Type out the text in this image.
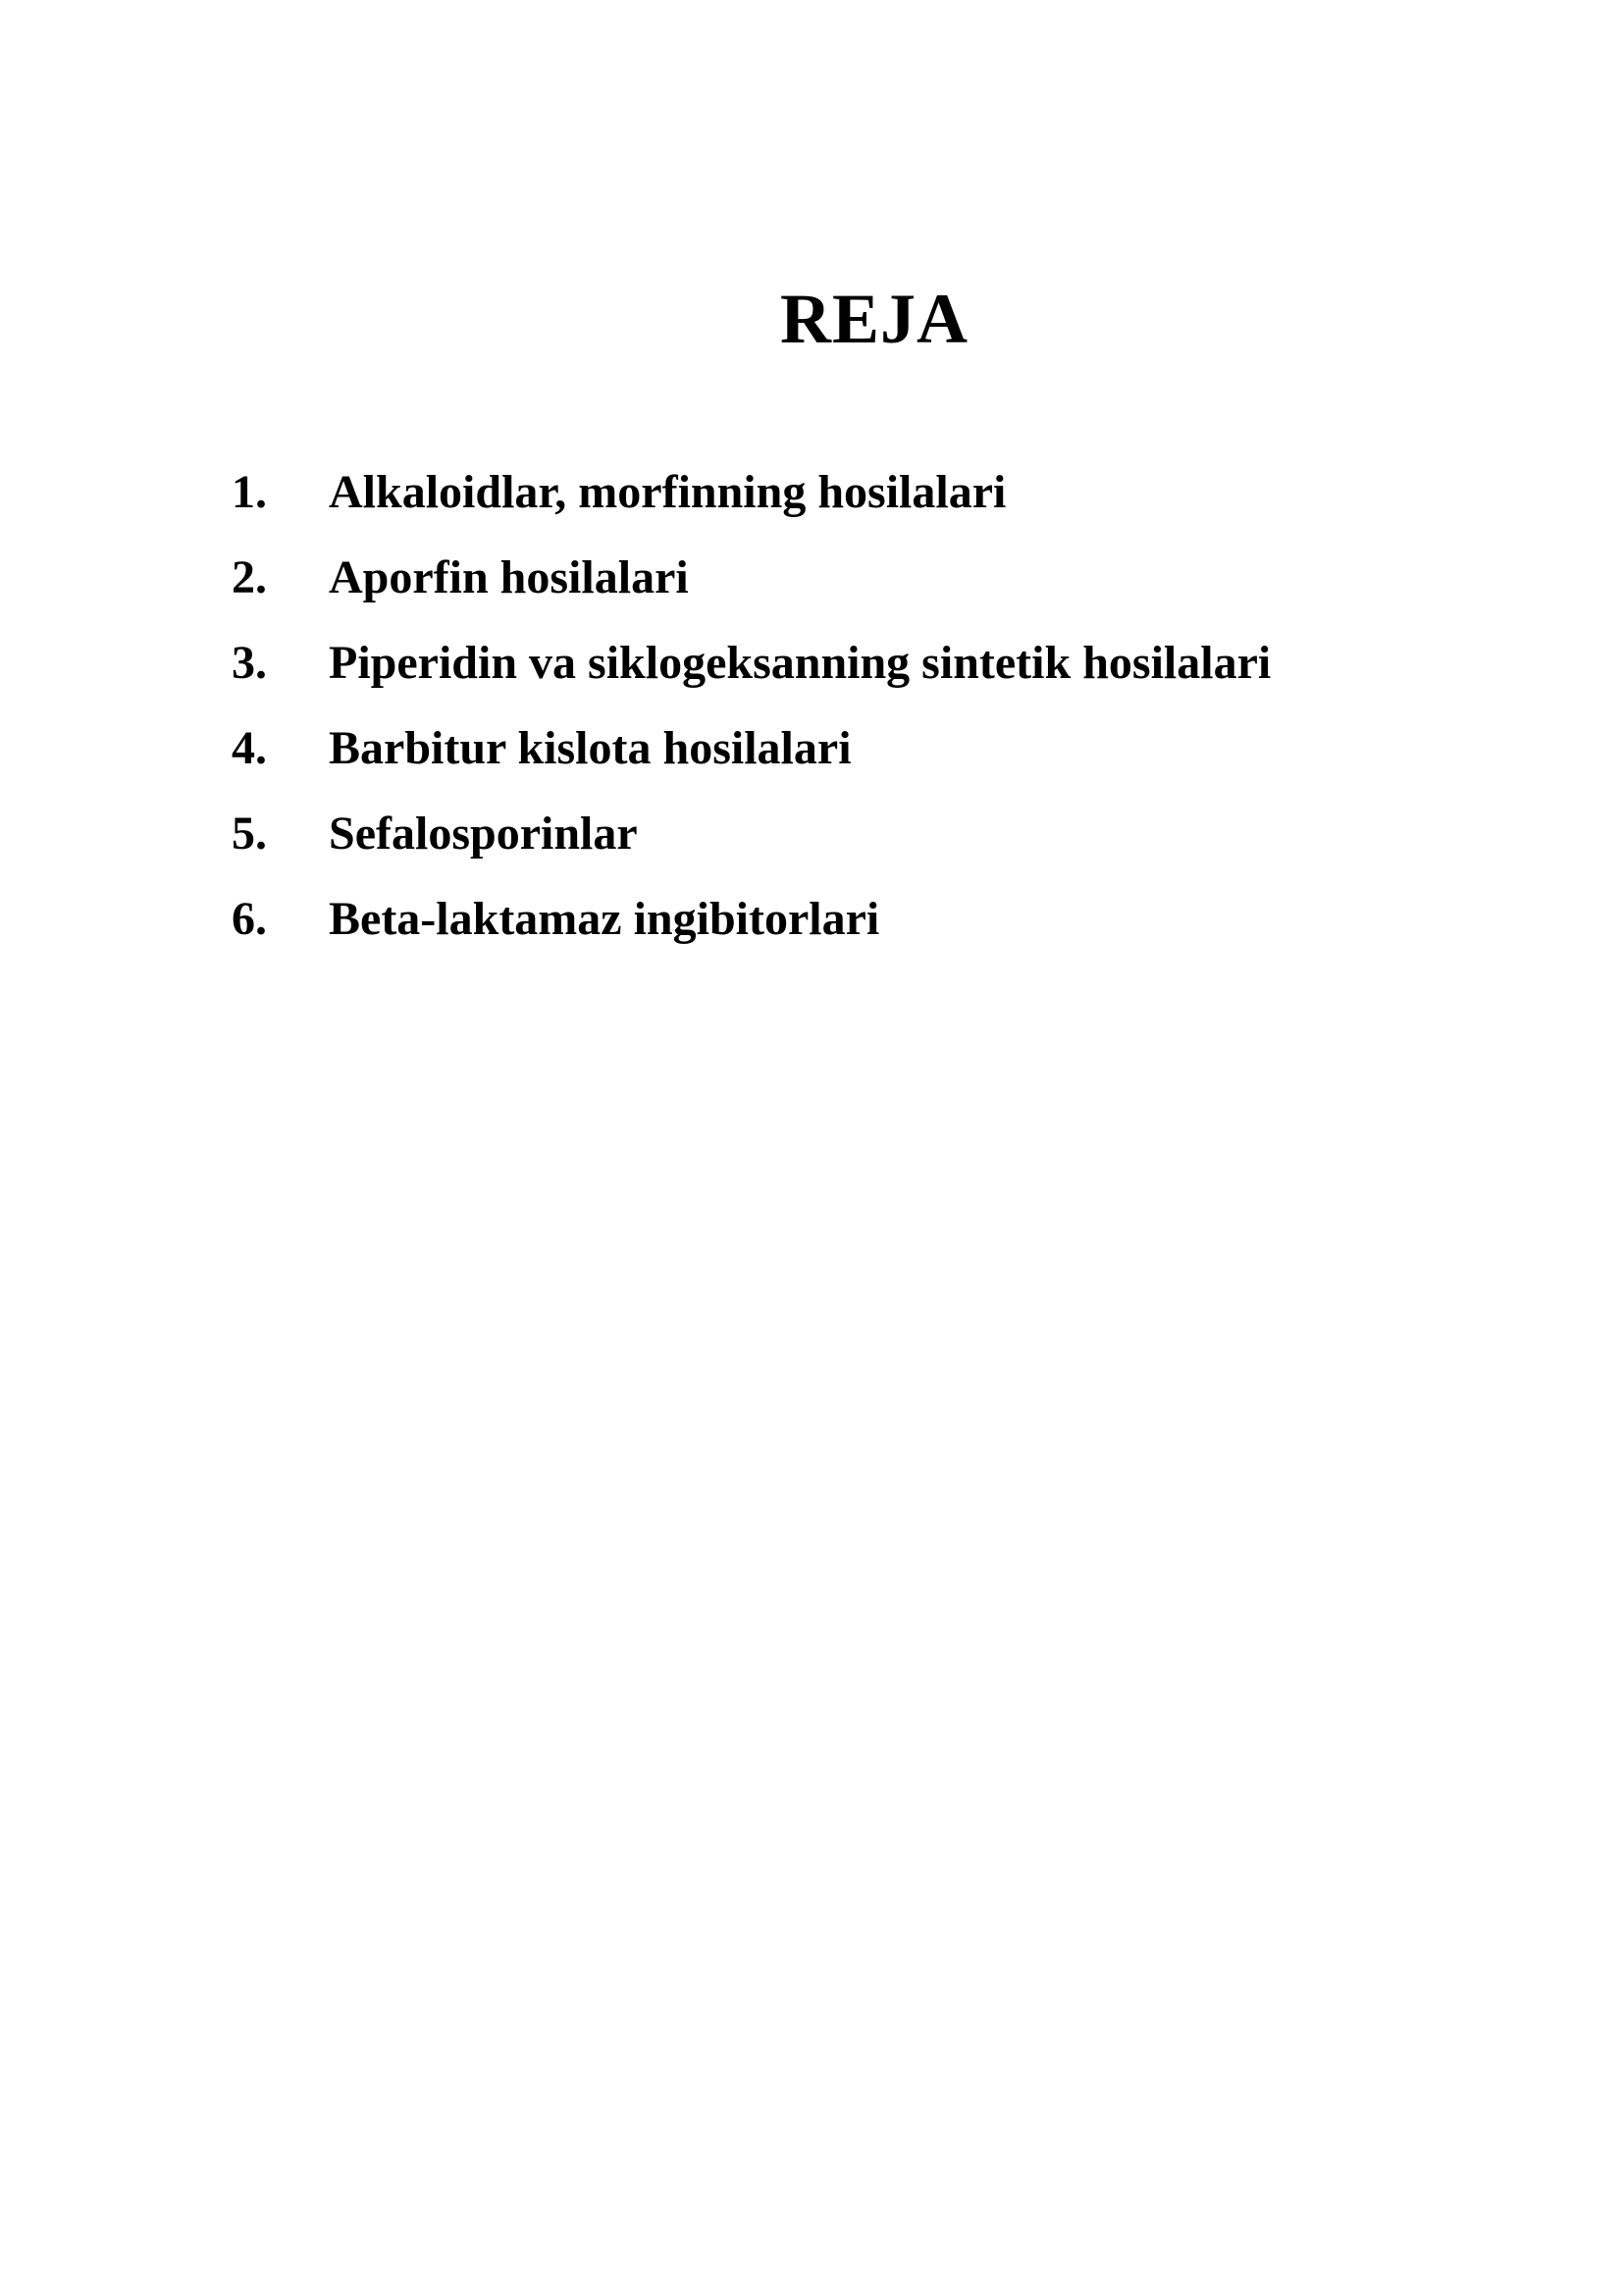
REJA
1.	Alkaloidlar, morfinning hosilalari
2.	Aporfin hosilalari
3.	Piperidin va siklogeksanning sintetik hosilalari
4.	Barbitur kislota hosilalari
5.	Sefalosporinlar
6.	Beta-laktamaz ingibitorlari
